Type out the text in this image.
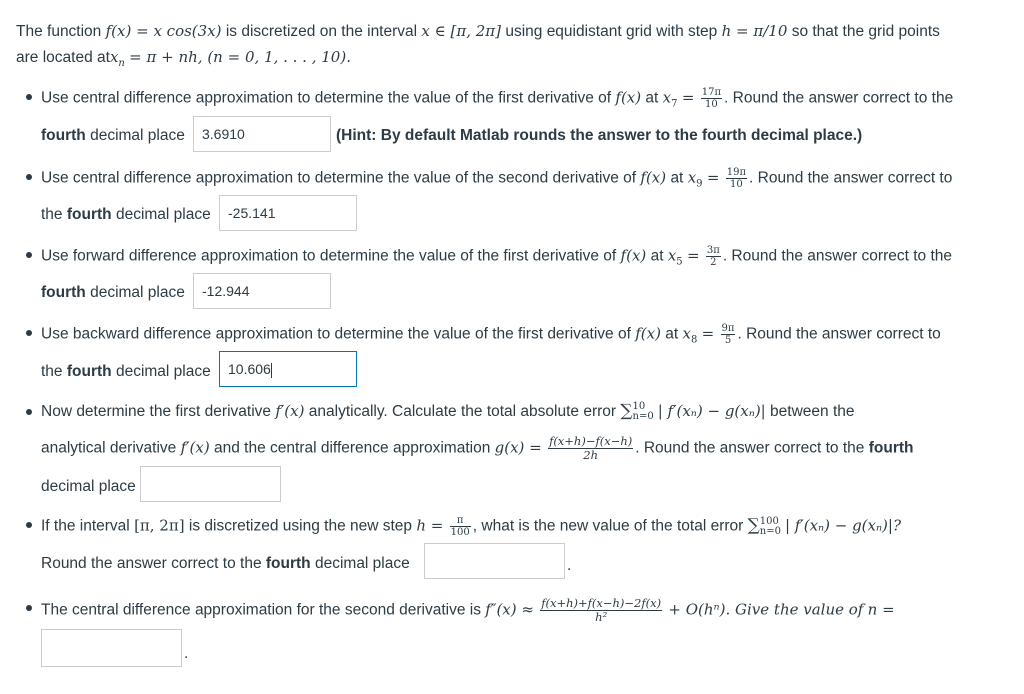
The function f(x) = x cos(3x) is discretized on the interval x ∈ [π, 2π] using equidistant grid with step h = π/10 so that the grid points
are located atx$_n$ = π + nh, (n = 0, 1, . . . , 10).
Use central difference approximation to determine the value of the first derivative of f(x) at $x_7 = \frac{17\pi}{10}$ . Round the answer correct to the
fourth decimal place	3.6910	(Hint: By default Matlab rounds the answer to the fourth decimal place.)
Use central difference approximation to determine the value of the second derivative of f(x) at $x_9 = \frac{19\pi}{10}$ . Round the answer correct to
the fourth decimal place	-25.141
Use forward difference approximation to determine the value of the first derivative of f(x) at $x_5 = \frac{3\pi}{2}$ . Round the answer correct to the
fourth decimal place	-12.944
Use backward difference approximation to determine the value of the first derivative of f(x) at $x_8 = \frac{9\pi}{5}$ . Round the answer correct to
the fourth decimal place	10.606
Now determine the first derivative f′(x) analytically. Calculate the total absolute error ∑ 10
n=0 | f′(xₙ) − g(xₙ)| between the
analytical derivative f′(x) and the central difference approximation $g(x) = \frac{f(x+h)-f(x-h)}{2h}$ . Round the answer correct to the fourth
decimal place
If the interval [π, 2π] is discretized using the new step $h = \frac{\pi}{100}$ , what is the new value of the total error ∑ 100
n=0 | f′(xₙ) − g(xₙ)|?
Round the answer correct to the fourth decimal place	.
The central difference approximation for the second derivative is $f''(x) \approx \frac{f(x+h)+f(x-h)-2f(x)}{\text{h²}} + O(h^n)$. Give the value of n =
.
